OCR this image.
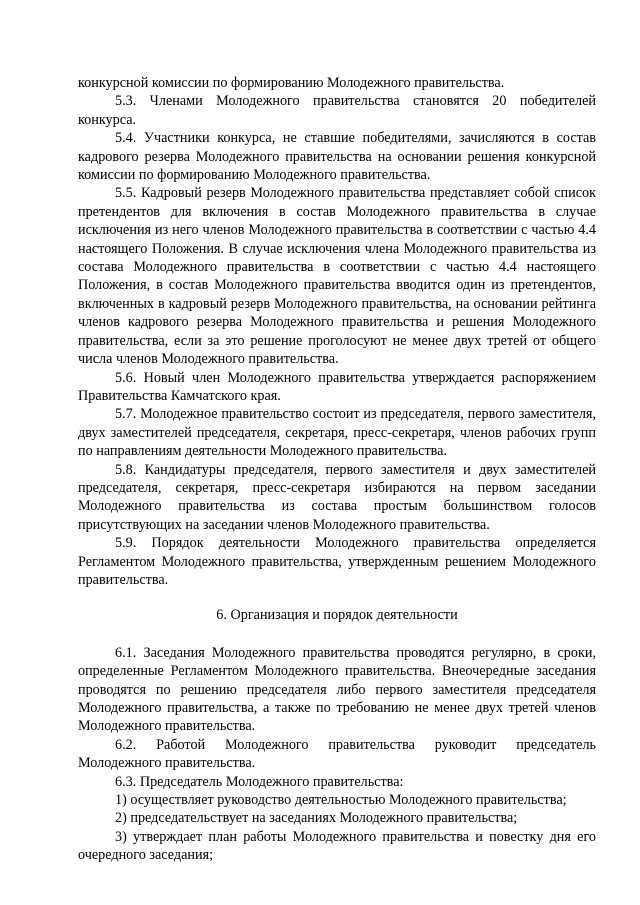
конкурсной комиссии по формированию Молодежного правительства.

5.3. Членами Молодежного правительства становятся 20 победителей конкурса.

5.4. Участники конкурса, не ставшие победителями, зачисляются в состав кадрового резерва Молодежного правительства на основании решения конкурсной комиссии по формированию Молодежного правительства.

5.5. Кадровый резерв Молодежного правительства представляет собой список претендентов для включения в состав Молодежного правительства в случае исключения из него членов Молодежного правительства в соответствии с частью 4.4 настоящего Положения. В случае исключения члена Молодежного правительства из состава Молодежного правительства в соответствии с частью 4.4 настоящего Положения, в состав Молодежного правительства вводится один из претендентов, включенных в кадровый резерв Молодежного правительства, на основании рейтинга членов кадрового резерва Молодежного правительства и решения Молодежного правительства, если за это решение проголосуют не менее двух третей от общего числа членов Молодежного правительства.

5.6. Новый член Молодежного правительства утверждается распоряжением Правительства Камчатского края.

5.7. Молодежное правительство состоит из председателя, первого заместителя, двух заместителей председателя, секретаря, пресс-секретаря, членов рабочих групп по направлениям деятельности Молодежного правительства.

5.8. Кандидатуры председателя, первого заместителя и двух заместителей председателя, секретаря, пресс-секретаря избираются на первом заседании Молодежного правительства из состава простым большинством голосов присутствующих на заседании членов Молодежного правительства.

5.9. Порядок деятельности Молодежного правительства определяется Регламентом Молодежного правительства, утвержденным решением Молодежного правительства.

6. Организация и порядок деятельности

6.1. Заседания Молодежного правительства проводятся регулярно, в сроки, определенные Регламентом Молодежного правительства. Внеочередные заседания проводятся по решению председателя либо первого заместителя председателя Молодежного правительства, а также по требованию не менее двух третей членов Молодежного правительства.

6.2. Работой Молодежного правительства руководит председатель Молодежного правительства.

6.3. Председатель Молодежного правительства:

1) осуществляет руководство деятельностью Молодежного правительства;

2) председательствует на заседаниях Молодежного правительства;

3) утверждает план работы Молодежного правительства и повестку дня его очередного заседания;
